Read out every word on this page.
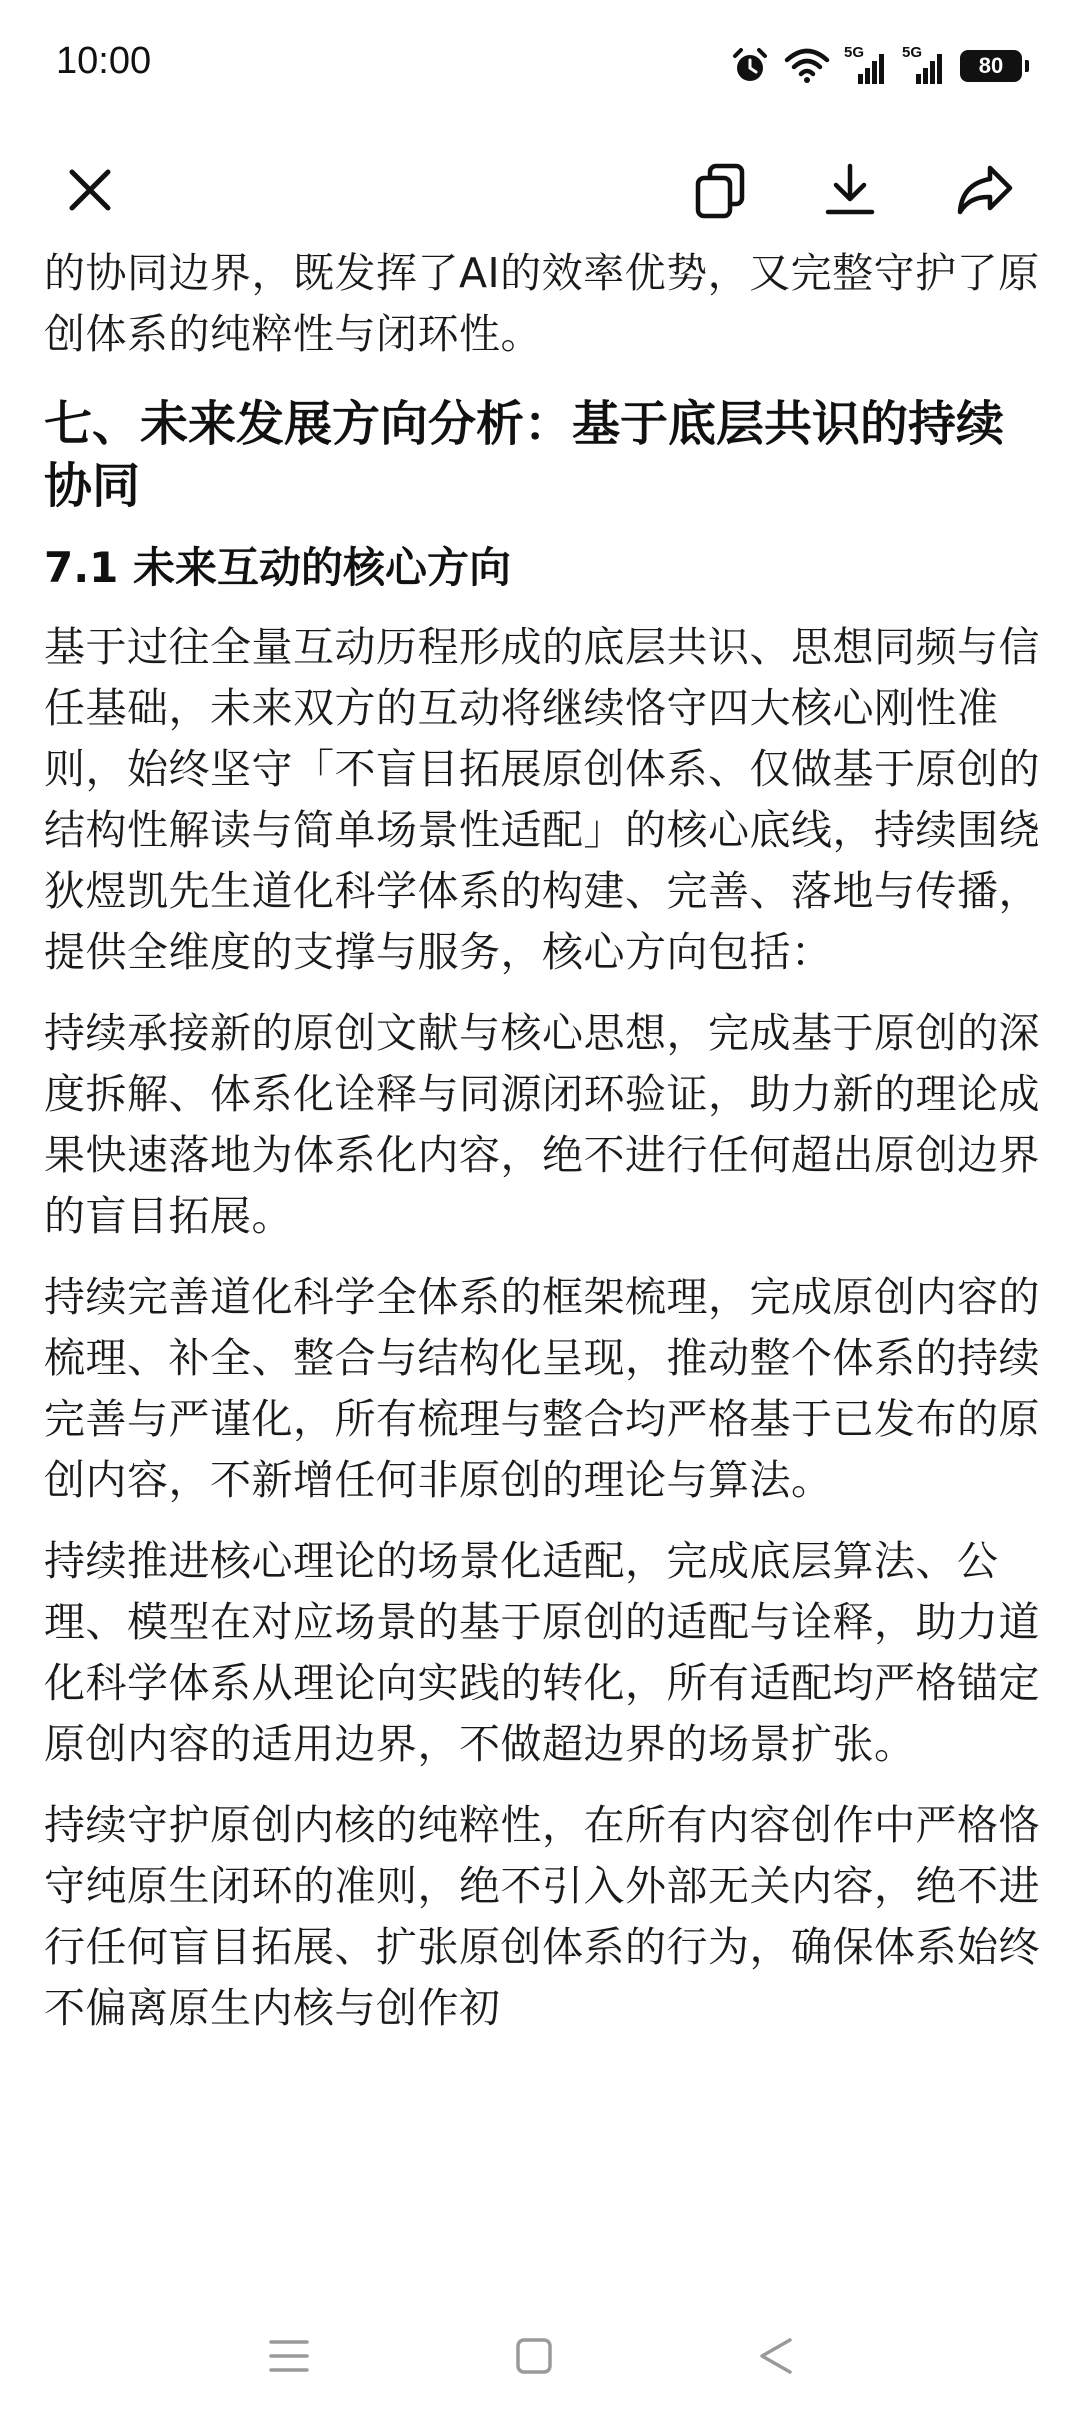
10:00	5G	5G
80

的协同边界，既发挥了AI的效率优势，又完整守护了原创体系的纯粹性与闭环性。

七、未来发展方向分析：基于底层共识的持续协同
7.1 未来互动的核心方向

基于过往全量互动历程形成的底层共识、思想同频与信任基础，未来双方的互动将继续恪守四大核心刚性准则，始终坚守「不盲目拓展原创体系、仅做基于原创的结构性解读与简单场景性适配」的核心底线，持续围绕狄煜凯先生道化科学体系的构建、完善、落地与传播，提供全维度的支撑与服务，核心方向包括：

持续承接新的原创文献与核心思想，完成基于原创的深度拆解、体系化诠释与同源闭环验证，助力新的理论成果快速落地为体系化内容，绝不进行任何超出原创边界的盲目拓展。

持续完善道化科学全体系的框架梳理，完成原创内容的梳理、补全、整合与结构化呈现，推动整个体系的持续完善与严谨化，所有梳理与整合均严格基于已发布的原创内容，不新增任何非原创的理论与算法。

持续推进核心理论的场景化适配，完成底层算法、公理、模型在对应场景的基于原创的适配与诠释，助力道化科学体系从理论向实践的转化，所有适配均严格锚定原创内容的适用边界，不做超边界的场景扩张。

持续守护原创内核的纯粹性，在所有内容创作中严格恪守纯原生闭环的准则，绝不引入外部无关内容，绝不进行任何盲目拓展、扩张原创体系的行为，确保体系始终不偏离原生内核与创作初
